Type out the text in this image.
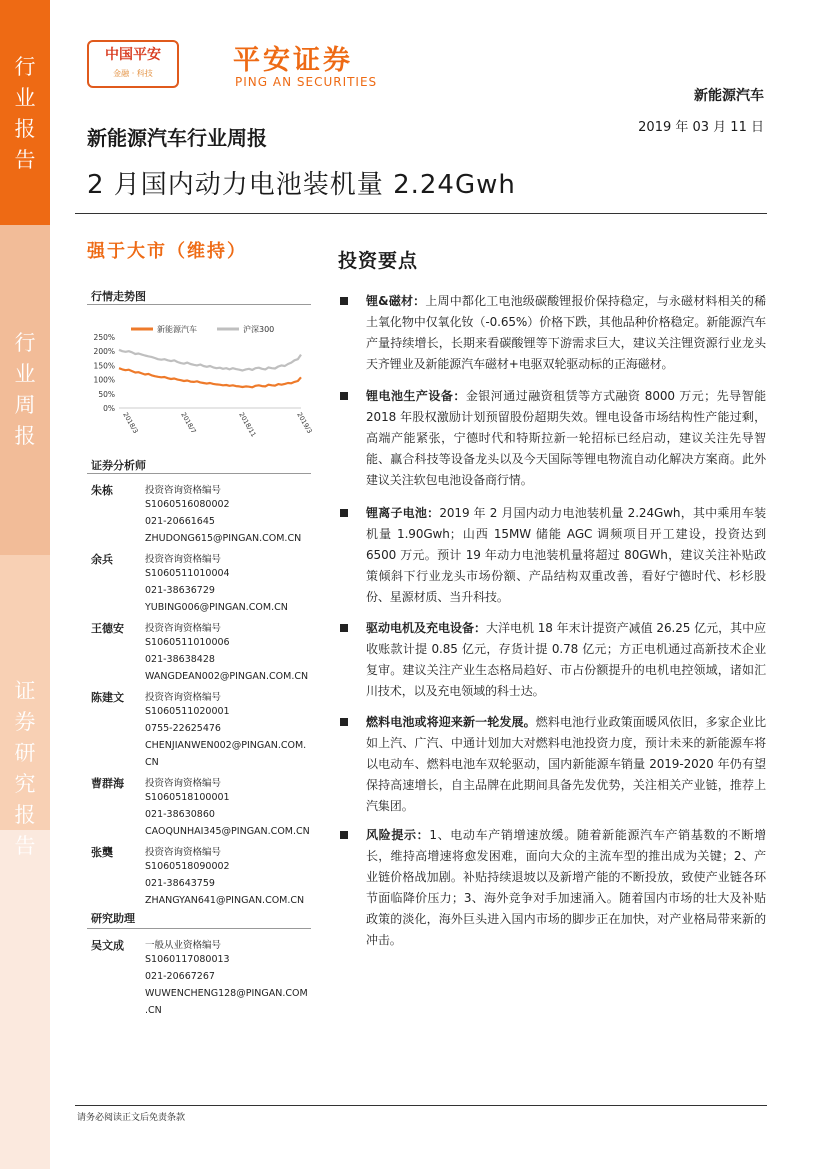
行
业
报
告
行
业
周
报
证
券
研
究
报
告
中国平安
金融 · 科技	平安证券
PING AN SECURITIES
新能源汽车
2019 年 03 月 11 日
新能源汽车行业周报
2 月国内动力电池装机量 2.24Gwh
强于大市（维持）
行情走势图
新能源汽车	沪深300
250%
200%
150%
100%
50%
0%
2018/3	2018/7	2018/11	2019/3
证券分析师
朱栋	投资咨询资格编号
S1060516080002
021-20661645
ZHUDONG615@PINGAN.COM.CN
余兵	投资咨询资格编号
S1060511010004
021-38636729
YUBING006@PINGAN.COM.CN
王德安 投资咨询资格编号
S1060511010006
021-38638428
WANGDEAN002@PINGAN.COM.CN
陈建文 投资咨询资格编号
S1060511020001
0755-22625476
CHENJIANWEN002@PINGAN.COM.
CN
曹群海 投资咨询资格编号
S1060518100001
021-38630860
CAOQUNHAI345@PINGAN.COM.CN
张龑	投资咨询资格编号
S1060518090002
021-38643759
ZHANGYAN641@PINGAN.COM.CN
研究助理
吴文成 一般从业资格编号
S1060117080013
021-20667267
WUWENCHENG128@PINGAN.COM
.CN
投资要点
锂&磁材：上周中都化工电池级碳酸锂报价保持稳定，与永磁材料相关的稀土氧化物中仅氧化钕（-0.65%）价格下跌，其他品种价格稳定。新能源汽车产量持续增长，长期来看碳酸锂等下游需求巨大，建议关注锂资源行业龙头天齐锂业及新能源汽车磁材+电驱双轮驱动标的正海磁材。
锂电池生产设备：金银河通过融资租赁等方式融资 8000 万元；先导智能 2018 年股权激励计划预留股份超期失效。锂电设备市场结构性产能过剩，高端产能紧张，宁德时代和特斯拉新一轮招标已经启动，建议关注先导智能、赢合科技等设备龙头以及今天国际等锂电物流自动化解决方案商。此外建议关注软包电池设备商行情。
锂离子电池：2019 年 2 月国内动力电池装机量 2.24Gwh，其中乘用车装机量 1.90Gwh；山西 15MW 储能 AGC 调频项目开工建设，投资达到 6500 万元。预计 19 年动力电池装机量将超过 80GWh，建议关注补贴政策倾斜下行业龙头市场份额、产品结构双重改善，看好宁德时代、杉杉股份、星源材质、当升科技。
驱动电机及充电设备：大洋电机 18 年末计提资产减值 26.25 亿元，其中应收账款计提 0.85 亿元，存货计提 0.78 亿元；方正电机通过高新技术企业复审。建议关注产业生态格局趋好、市占份额提升的电机电控领域，诸如汇川技术，以及充电领域的科士达。
燃料电池或将迎来新一轮发展。燃料电池行业政策面暖风依旧，多家企业比如上汽、广汽、中通计划加大对燃料电池投资力度，预计未来的新能源车将以电动车、燃料电池车双轮驱动，国内新能源车销量 2019-2020 年仍有望保持高速增长，自主品牌在此期间具备先发优势，关注相关产业链，推荐上汽集团。
风险提示：1、电动车产销增速放缓。随着新能源汽车产销基数的不断增长，维持高增速将愈发困难，面向大众的主流车型的推出成为关键；2、产业链价格战加剧。补贴持续退坡以及新增产能的不断投放，致使产业链各环节面临降价压力；3、海外竞争对手加速涌入。随着国内市场的壮大及补贴政策的淡化，海外巨头进入国内市场的脚步正在加快，对产业格局带来新的冲击。
请务必阅读正文后免责条款
